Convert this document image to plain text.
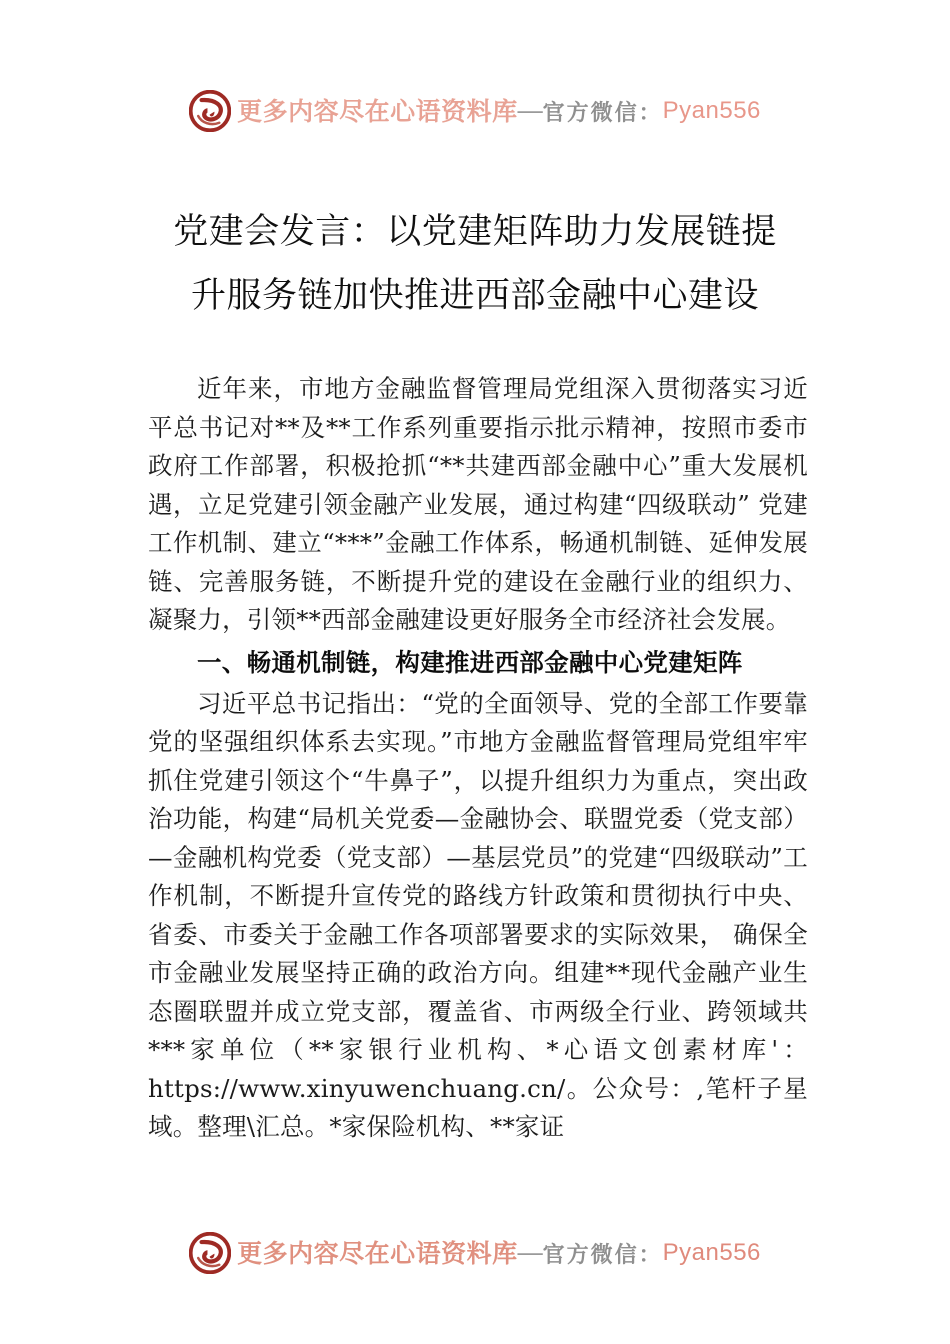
更多内容尽在心语资料库 — 官方微信： Pyan556
党建会发言：以党建矩阵助力发展链提升服务链加快推进西部金融中心建设

近年来，市地方金融监督管理局党组深入贯彻落实习近平总书记对**及**工作系列重要指示批示精神，按照市委市政府工作部署，积极抢抓“**共建西部金融中心”重大发展机遇，立足党建引领金融产业发展，通过构建“四级联动” 党建工作机制、建立“***”金融工作体系，畅通机制链、延伸发展链、完善服务链，不断提升党的建设在金融行业的组织力、凝聚力，引领**西部金融建设更好服务全市经济社会发展。

一、畅通机制链，构建推进西部金融中心党建矩阵

习近平总书记指出：“党的全面领导、党的全部工作要靠党的坚强组织体系去实现。”市地方金融监督管理局党组牢牢抓住党建引领这个“牛鼻子”，以提升组织力为重点，突出政治功能，构建“局机关党委—金融协会、联盟党委（党支部）—金融机构党委（党支部）—基层党员”的党建“四级联动”工作机制，不断提升宣传党的路线方针政策和贯彻执行中央、省委、市委关于金融工作各项部署要求的实际效果， 确保全市金融业发展坚持正确的政治方向。组建**现代金融产业生态圈联盟并成立党支部，覆盖省、市两级全行业、跨领域共***家单位（**家银行业机构、*心语文创素材库'：https://www.xinyuwenchuang.cn/。公众号：,笔杆子星域。整理\汇总。*家保险机构、**家证

更多内容尽在心语资料库 — 官方微信： Pyan556
